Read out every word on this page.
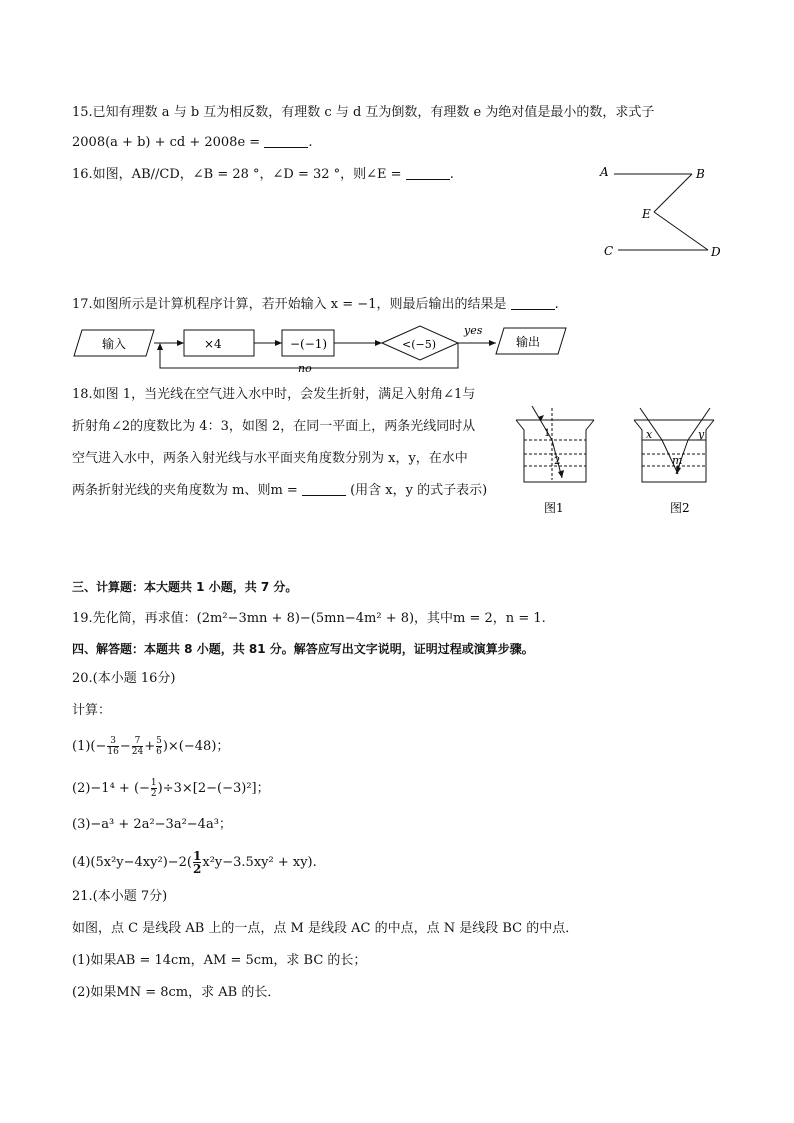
15.已知有理数 a 与 b 互为相反数，有理数 c 与 d 互为倒数，有理数 e 为绝对值是最小的数，求式子
2008(a + b) + cd + 2008e =	.
16.如图，AB//CD，∠B = 28 °，∠D = 32 °，则∠E =	.	A	B
E
C	D
17.如图所示是计算机程序计算，若开始输入 x = −1，则最后输出的结果是	.
输入	×4	−(−1)	<(−5)
yes
输出
no
18.如图 1，当光线在空气进入水中时，会发生折射，满足入射角∠1与
折射角∠2的度数比为 4：3，如图 2，在同一平面上，两条光线同时从
空气进入水中，两条入射光线与水平面夹角度数分别为 x，y，在水中
两条折射光线的夹角度数为 m、则m =	(用含 x，y 的式子表示)
1
2
图1
x	y
m
图2
三、计算题：本大题共 1 小题，共 7 分。
19.先化简，再求值：(2m²−3mn + 8)−(5mn−4m² + 8)，其中m = 2，n = 1.
四、解答题：本题共 8 小题，共 81 分。解答应写出文字说明，证明过程或演算步骤。
20.(本小题 16分)
计算：
$(1)(- \frac{3}{16} - \frac{7}{24} + \frac{5}{6} )\times(-48)$；
(2)−1⁴ + (− $\frac{1}{2} )\div 3\times[2-(-3)^2]$；
(3)−a³ + 2a²−3a²−4a³；
$(4)(5x^2y-4xy^2)-2( \frac{1}{2} x^2y-3.5xy^2 + xy)$.
21.(本小题 7分)
如图，点 C 是线段 AB 上的一点，点 M 是线段 AC 的中点，点 N 是线段 BC 的中点．
(1)如果AB = 14cm，AM = 5cm，求 BC 的长；
(2)如果MN = 8cm，求 AB 的长．
